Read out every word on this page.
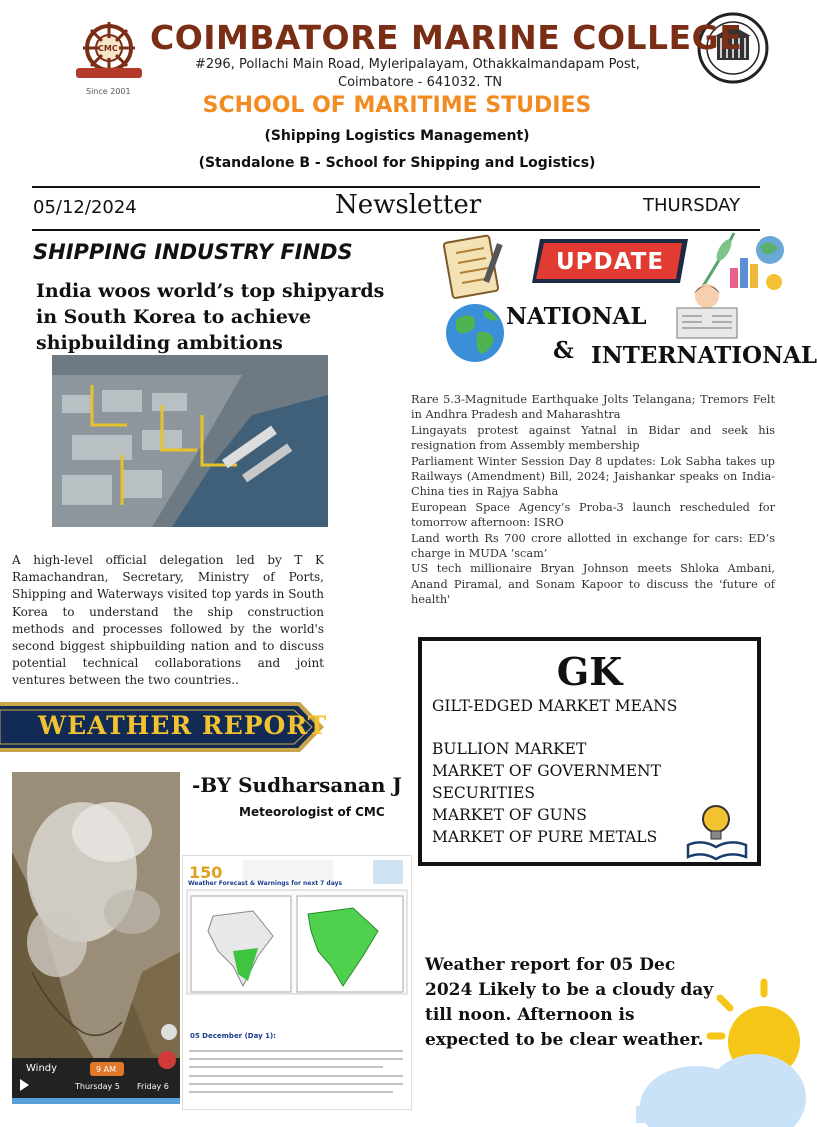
CMC
Since 2001
COIMBATORE MARINE COLLEGE
#296, Pollachi Main Road, Myleripalayam, Othakkalmandapam Post,
Coimbatore - 641032. TN
SCHOOL OF MARITIME STUDIES
(Shipping Logistics Management)
(Standalone B - School for Shipping and Logistics)
05/12/2024	Newsletter	THURSDAY
SHIPPING INDUSTRY FINDS
India woos world’s top shipyards in South Korea to achieve shipbuilding ambitions
A high-level official delegation led by T K Ramachandran, Secretary, Ministry of Ports, Shipping and Waterways visited top yards in South Korea to understand the ship construction methods and processes followed by the world's second biggest shipbuilding nation and to discuss potential technical collaborations and joint ventures between the two countries..
UPDATE
NATIONAL
& INTERNATIONAL

Rare 5.3-Magnitude Earthquake Jolts Telangana; Tremors Felt in Andhra Pradesh and Maharashtra

Lingayats protest against Yatnal in Bidar and seek his resignation from Assembly membership

Parliament Winter Session Day 8 updates: Lok Sabha takes up Railways (Amendment) Bill, 2024; Jaishankar speaks on India-China ties in Rajya Sabha

European Space Agency’s Proba-3 launch rescheduled for tomorrow afternoon: ISRO

Land worth Rs 700 crore allotted in exchange for cars: ED’s charge in MUDA ‘scam’

US tech millionaire Bryan Johnson meets Shloka Ambani, Anand Piramal, and Sonam Kapoor to discuss the 'future of health'

GK
GILT-EDGED MARKET MEANS
BULLION MARKET
MARKET OF GOVERNMENT
SECURITIES
MARKET OF GUNS
MARKET OF PURE METALS
WEATHER REPORT
Windy	9 AM
Thursday 5 Friday 6
150
Weather Forecast & Warnings for next 7 days
05 December (Day 1):
-BY Sudharsanan J
Meteorologist of CMC
Weather report for 05 Dec 2024 Likely to be a cloudy day till noon. Afternoon is expected to be clear weather.
